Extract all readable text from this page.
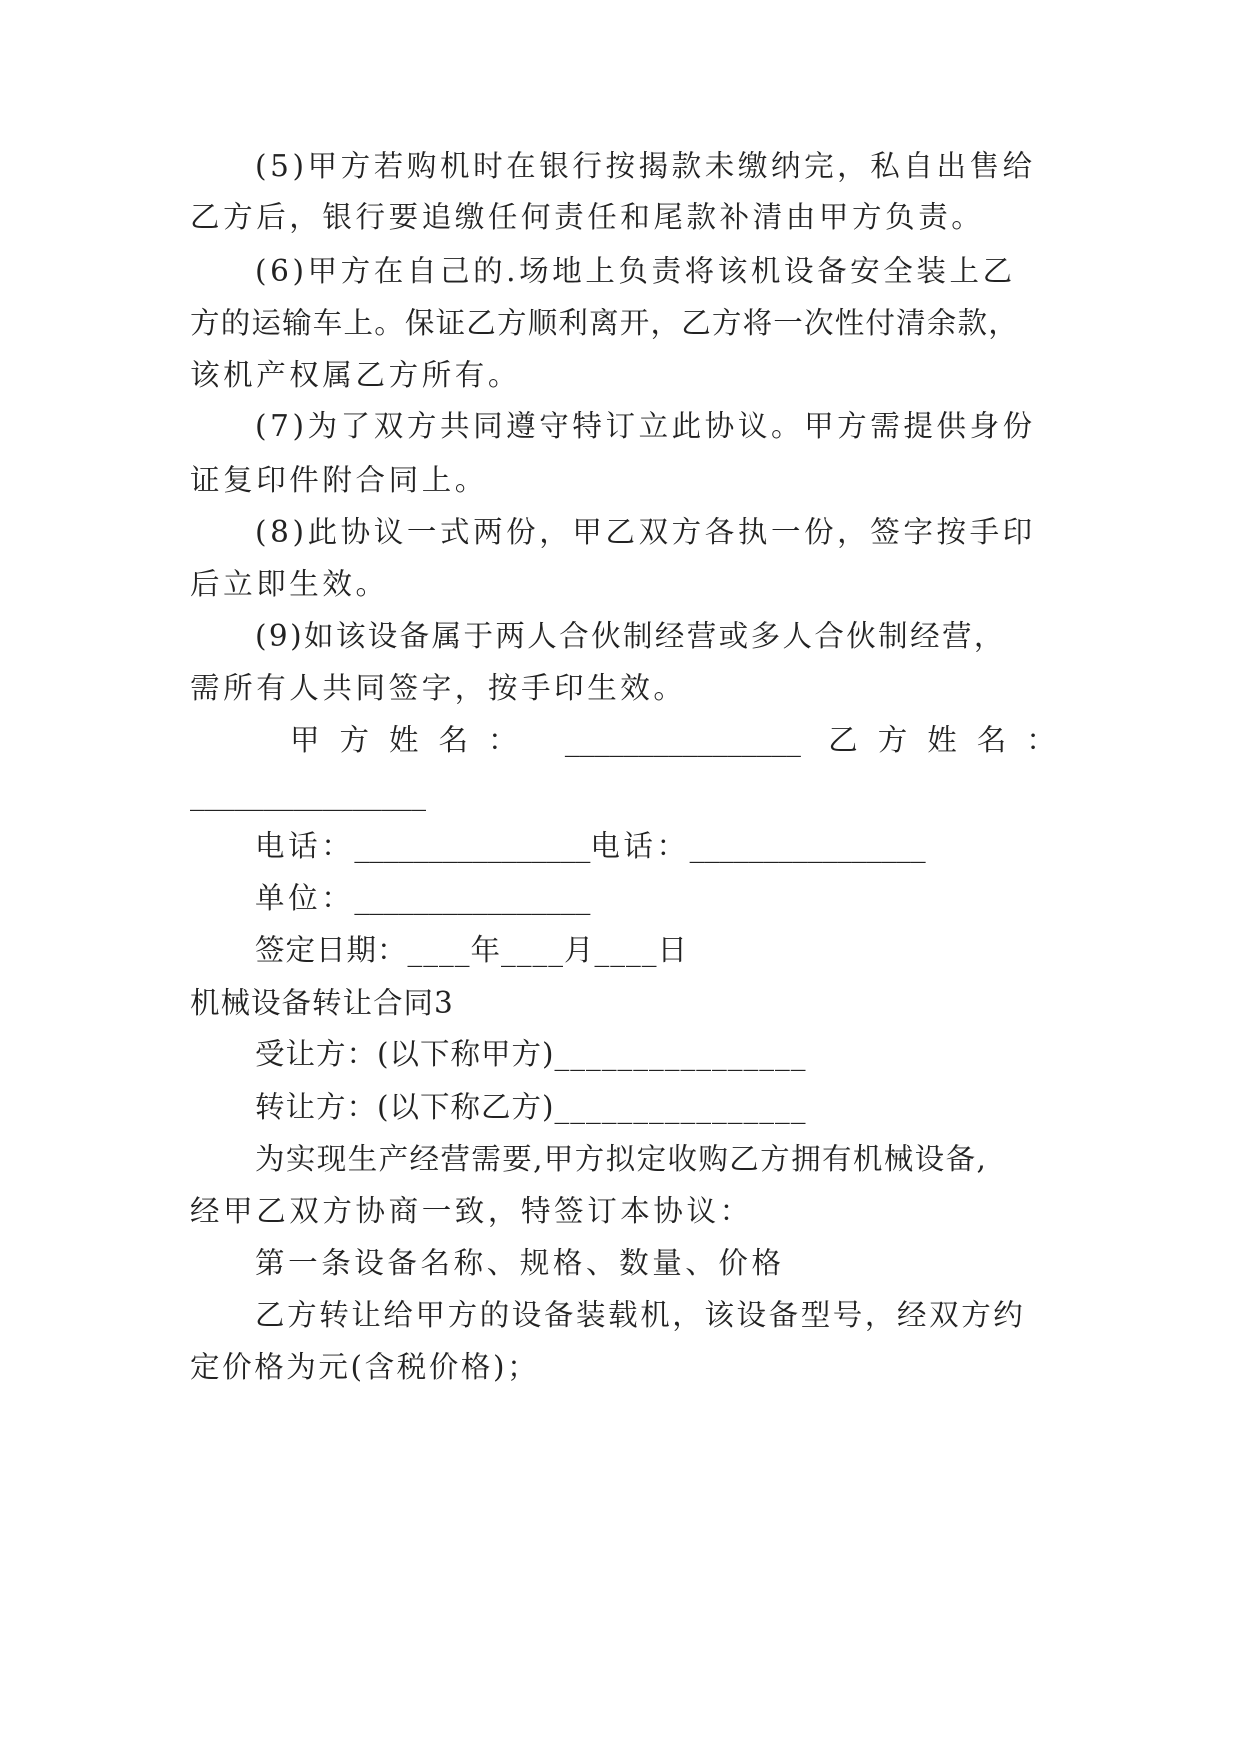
(5)甲方若购机时在银行按揭款未缴纳完，私自出售给
乙方后，银行要追缴任何责任和尾款补清由甲方负责。
(6)甲方在自己的.场地上负责将该机设备安全装上乙
方的运输车上。保证乙方顺利离开，乙方将一次性付清余款，
该机产权属乙方所有。
(7)为了双方共同遵守特订立此协议。甲方需提供身份
证复印件附合同上。
(8)此协议一式两份，甲乙双方各执一份，签字按手印
后立即生效。
(9)如该设备属于两人合伙制经营或多人合伙制经营，
需所有人共同签字，按手印生效。
甲方姓名： ________________ 乙方姓名：
________________
电话：________________电话：________________
单位：________________
签定日期：____年____月____日
机械设备转让合同3
受让方：(以下称甲方)________________
转让方：(以下称乙方)________________
为实现生产经营需要,甲方拟定收购乙方拥有机械设备,
经甲乙双方协商一致，特签订本协议：
第一条设备名称、规格、数量、价格
乙方转让给甲方的设备装载机，该设备型号，经双方约
定价格为元(含税价格)；
